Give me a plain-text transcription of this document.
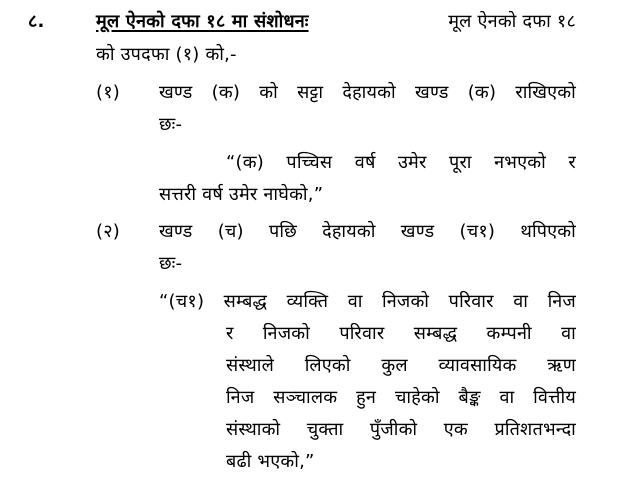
८.	मूल ऐनको दफा १८ मा संशोधनः	मूल ऐनको दफा १८
को उपदफा (१) को,-
(१) खण्ड (क) को सट्टा देहायको खण्ड (क) राखिएको
छः-
“(क) पच्चिस वर्ष उमेर पूरा नभएको र
सत्तरी वर्ष उमेर नाघेको,”
(२) खण्ड (च) पछि देहायको खण्ड (च१) थपिएको
छः-
“(च१) सम्बद्ध व्यक्ति वा निजको परिवार वा निज
र निजको परिवार सम्बद्ध कम्पनी वा
संस्थाले लिएको कुल व्यावसायिक ऋण
निज सञ्चालक हुन चाहेको बैङ्क वा वित्तीय
संस्थाको चुक्ता पुँजीको एक प्रतिशतभन्दा
बढी भएको,”
